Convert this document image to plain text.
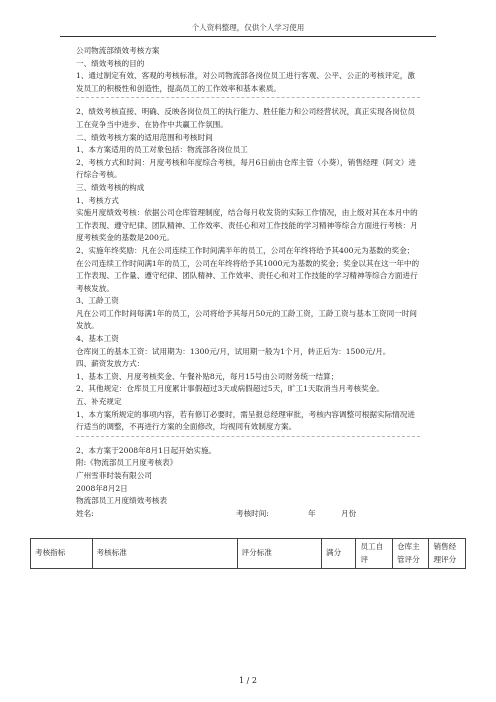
个人资料整理，仅供个人学习使用

公司物流部绩效考核方案

一、绩效考核的目的

1、通过制定有效、客观的考核标准，对公司物流部各岗位员工进行客观、公平、公正的考核评定，激发员工的积极性和创造性，提高员工的工作效率和基本素质。

2、绩效考核直接、明确、反映各岗位员工的执行能力、胜任能力和公司经营状况，真正实现各岗位员工在竞争当中进步、在协作中共赢工作氛围。

二、绩效考核方案的适用范围和考核时间

1、本方案适用的员工对象包括：物流部各岗位员工

2、考核方式和时间：月度考核和年度综合考核，每月6日前由仓库主管（小葵），销售经理（阿文）进行综合考核。

三、绩效考核的构成

1、考核方式

实施月度绩效考核：依据公司仓库管理制度，结合每月收发货的实际工作情况，由上级对其在本月中的工作表现、遵守纪律、团队精神、工作效率、责任心和对工作技能的学习精神等综合方面进行考核：月度考核奖金的基数是200元。

2、实施年终奖励：凡在公司连续工作时间满半年的员工，公司在年终将给予其400元为基数的奖金；在公司连续工作时间满1年的员工，公司在年终将给予其1000元为基数的奖金；奖金以其在这一年中的工作表现、工作量、遵守纪律、团队精神、工作效率、责任心和对工作技能的学习精神等综合方面进行考核发放。

3、工龄工资

凡在公司工作时间每满1年的员工，公司将给予其每月50元的工龄工资，工龄工资与基本工资同一时间发放。

4、基本工资

仓库岗工的基本工资：试用期为：1300元/月，试用期一般为1个月，转正后为：1500元/月。

四、薪资发放方式：

1、基本工资、月度考核奖金、午餐补贴8元，每月15号由公司财务统一结算；

2、其他规定：仓库员工月度累计事假超过3天或病假超过5天，旷工1天取消当月考核奖金。

五、补充规定

1、本方案所规定的事项内容，若有修订必要时，需呈报总经理审批，考核内容调整可根据实际情况进行适当的调整，不再进行方案的全面修改，均视同有效制度方案。

2、本方案于2008年8月1日起开始实施。

附:《物流部员工月度考核表》

广州雪菲时装有限公司

2008年8月2日

物流部员工月度绩效考核表

姓名:	考核时间:	年	月份
考核指标	考核标准	评分标准	满分	员工自评	仓库主管评分	销售经理评分
1 / 2
